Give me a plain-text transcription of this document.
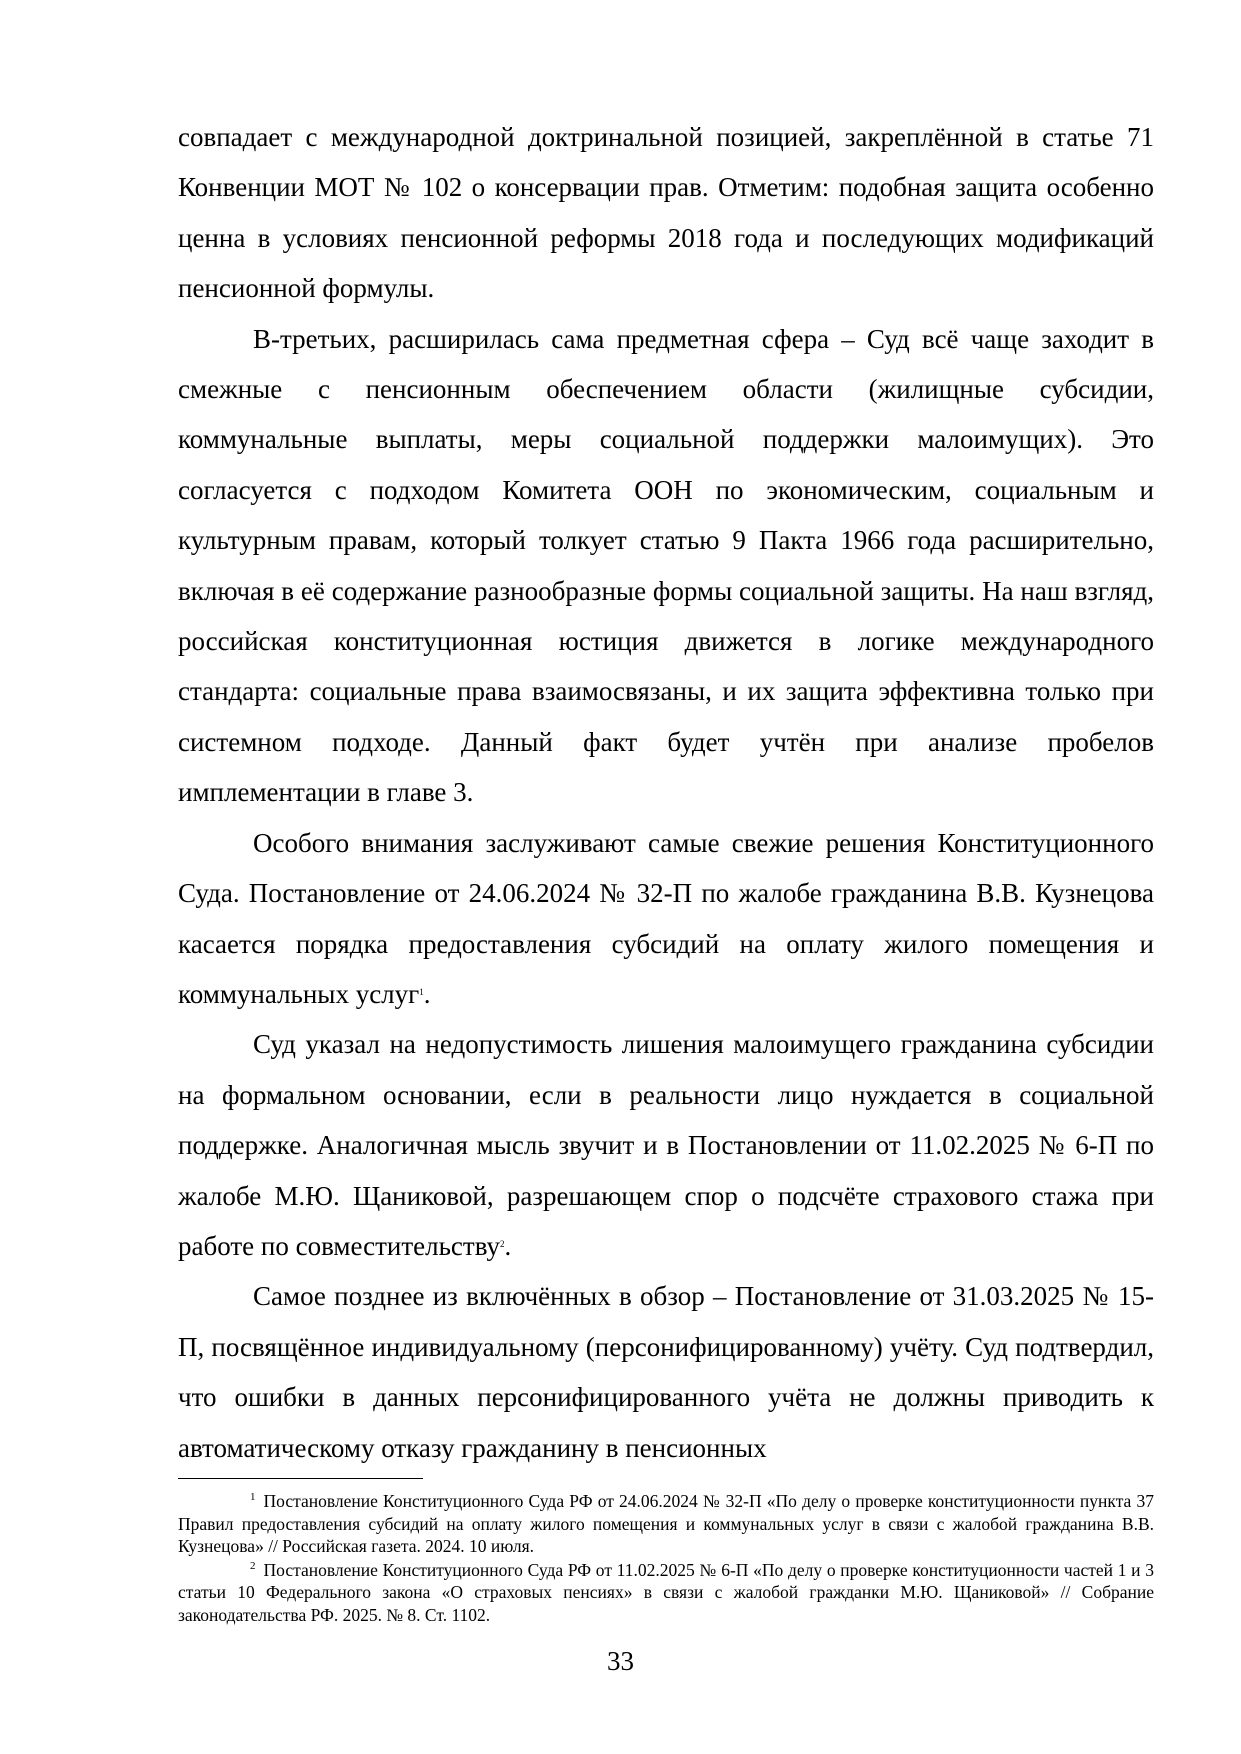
совпадает с международной доктринальной позицией, закреплённой в статье 71 Конвенции МОТ № 102 о консервации прав. Отметим: подобная защита особенно ценна в условиях пенсионной реформы 2018 года и последующих модификаций пенсионной формулы.

В-третьих, расширилась сама предметная сфера – Суд всё чаще заходит в смежные с пенсионным обеспечением области (жилищные субсидии, коммунальные выплаты, меры социальной поддержки малоимущих). Это согласуется с подходом Комитета ООН по экономическим, социальным и культурным правам, который толкует статью 9 Пакта 1966 года расширительно, включая в её содержание разнообразные формы социальной защиты. На наш взгляд, российская конституционная юстиция движется в логике международного стандарта: социальные права взаимосвязаны, и их защита эффективна только при системном подходе. Данный факт будет учтён при анализе пробелов имплементации в главе 3.

Особого внимания заслуживают самые свежие решения Конституционного Суда. Постановление от 24.06.2024 № 32-П по жалобе гражданина В.В. Кузнецова касается порядка предоставления субсидий на оплату жилого помещения и коммунальных услуг$^1$.

Суд указал на недопустимость лишения малоимущего гражданина субсидии на формальном основании, если в реальности лицо нуждается в социальной поддержке. Аналогичная мысль звучит и в Постановлении от 11.02.2025 № 6-П по жалобе М.Ю. Щаниковой, разрешающем спор о подсчёте страхового стажа при работе по совместительству$^2$.

Самое позднее из включённых в обзор – Постановление от 31.03.2025 № 15-П, посвящённое индивидуальному (персонифицированному) учёту. Суд подтвердил, что ошибки в данных персонифицированного учёта не должны приводить к автоматическому отказу гражданину в пенсионных

$^1$ Постановление Конституционного Суда РФ от 24.06.2024 № 32-П «По делу о проверке конституционности пункта 37 Правил предоставления субсидий на оплату жилого помещения и коммунальных услуг в связи с жалобой гражданина В.В. Кузнецова» // Российская газета. 2024. 10 июля.

$^2$ Постановление Конституционного Суда РФ от 11.02.2025 № 6-П «По делу о проверке конституционности частей 1 и 3 статьи 10 Федерального закона «О страховых пенсиях» в связи с жалобой гражданки М.Ю. Щаниковой» // Собрание законодательства РФ. 2025. № 8. Ст. 1102.

33
